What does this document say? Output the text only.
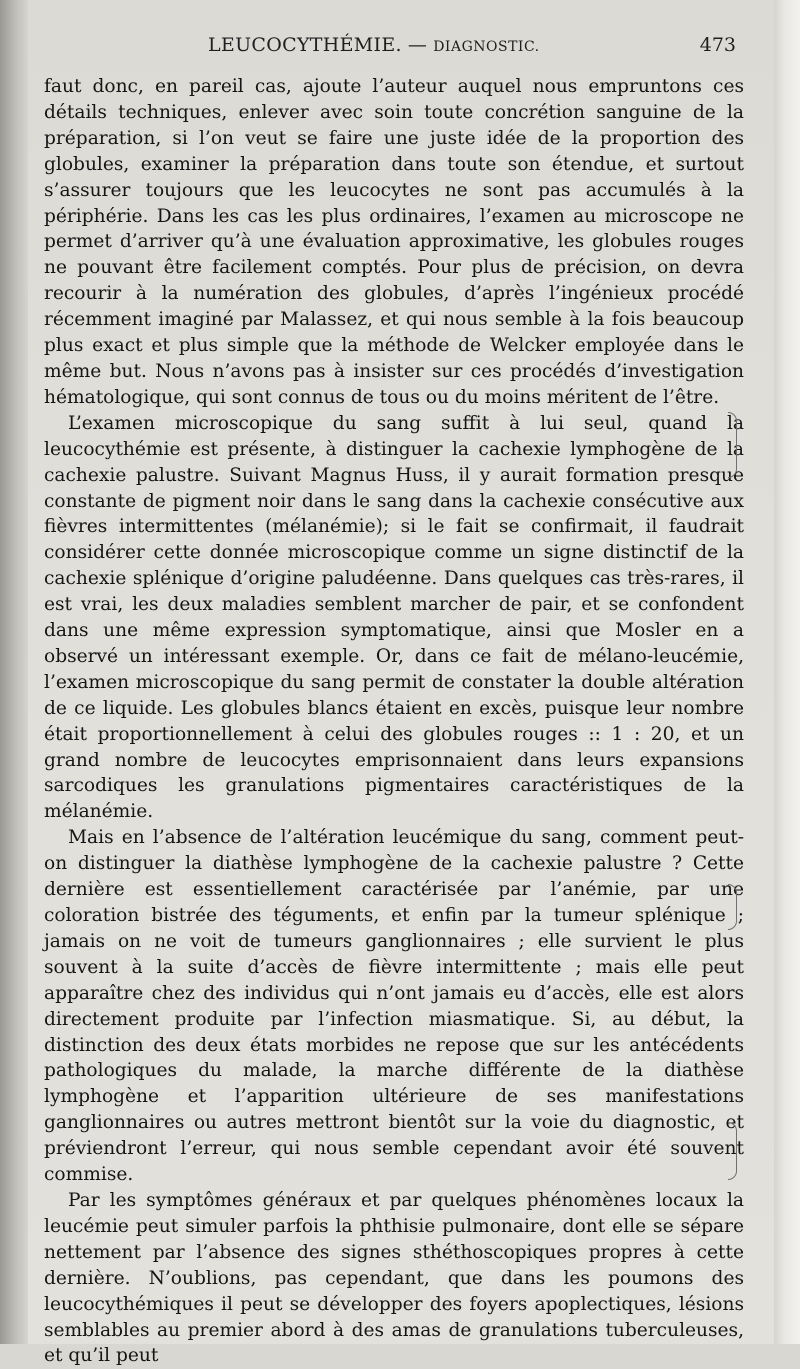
LEUCOCYTHÉMIE. — DIAGNOSTIC.	473

faut donc, en pareil cas, ajoute l’auteur auquel nous empruntons ces détails techniques, enlever avec soin toute concrétion sanguine de la préparation, si l’on veut se faire une juste idée de la proportion des globules, examiner la préparation dans toute son étendue, et surtout s’assurer toujours que les leucocytes ne sont pas accumulés à la périphérie. Dans les cas les plus ordinaires, l’examen au microscope ne permet d’arriver qu’à une évaluation approximative, les globules rouges ne pouvant être facilement comptés. Pour plus de précision, on devra recourir à la numération des globules, d’après l’ingénieux procédé récemment imaginé par Malassez, et qui nous semble à la fois beaucoup plus exact et plus simple que la méthode de Welcker employée dans le même but. Nous n’avons pas à insister sur ces procédés d’investigation hématologique, qui sont connus de tous ou du moins méritent de l’être.

L’examen microscopique du sang suffit à lui seul, quand la leucocythémie est présente, à distinguer la cachexie lymphogène de la cachexie palustre. Suivant Magnus Huss, il y aurait formation presque constante de pigment noir dans le sang dans la cachexie consécutive aux fièvres intermittentes (mélanémie); si le fait se confirmait, il faudrait considérer cette donnée microscopique comme un signe distinctif de la cachexie splénique d’origine paludéenne. Dans quelques cas très-rares, il est vrai, les deux maladies semblent marcher de pair, et se confondent dans une même expression symptomatique, ainsi que Mosler en a observé un intéressant exemple. Or, dans ce fait de mélano-leucémie, l’examen microscopique du sang permit de constater la double altération de ce liquide. Les globules blancs étaient en excès, puisque leur nombre était proportionnellement à celui des globules rouges :: 1 : 20, et un grand nombre de leucocytes emprisonnaient dans leurs expansions sarcodiques les granulations pigmentaires caractéristiques de la mélanémie.

Mais en l’absence de l’altération leucémique du sang, comment peut-on distinguer la diathèse lymphogène de la cachexie palustre ? Cette dernière est essentiellement caractérisée par l’anémie, par une coloration bistrée des téguments, et enfin par la tumeur splénique ; jamais on ne voit de tumeurs ganglionnaires ; elle survient le plus souvent à la suite d’accès de fièvre intermittente ; mais elle peut apparaître chez des individus qui n’ont jamais eu d’accès, elle est alors directement produite par l’infection miasmatique. Si, au début, la distinction des deux états morbides ne repose que sur les antécédents pathologiques du malade, la marche différente de la diathèse lymphogène et l’apparition ultérieure de ses manifestations ganglionnaires ou autres mettront bientôt sur la voie du diagnostic, et préviendront l’erreur, qui nous semble cependant avoir été souvent commise.

Par les symptômes généraux et par quelques phénomènes locaux la leucémie peut simuler parfois la phthisie pulmonaire, dont elle se sépare nettement par l’absence des signes sthéthoscopiques propres à cette dernière. N’oublions, pas cependant, que dans les poumons des leucocythémiques il peut se développer des foyers apoplectiques, lésions semblables au premier abord à des amas de granulations tuberculeuses, et qu’il peut
